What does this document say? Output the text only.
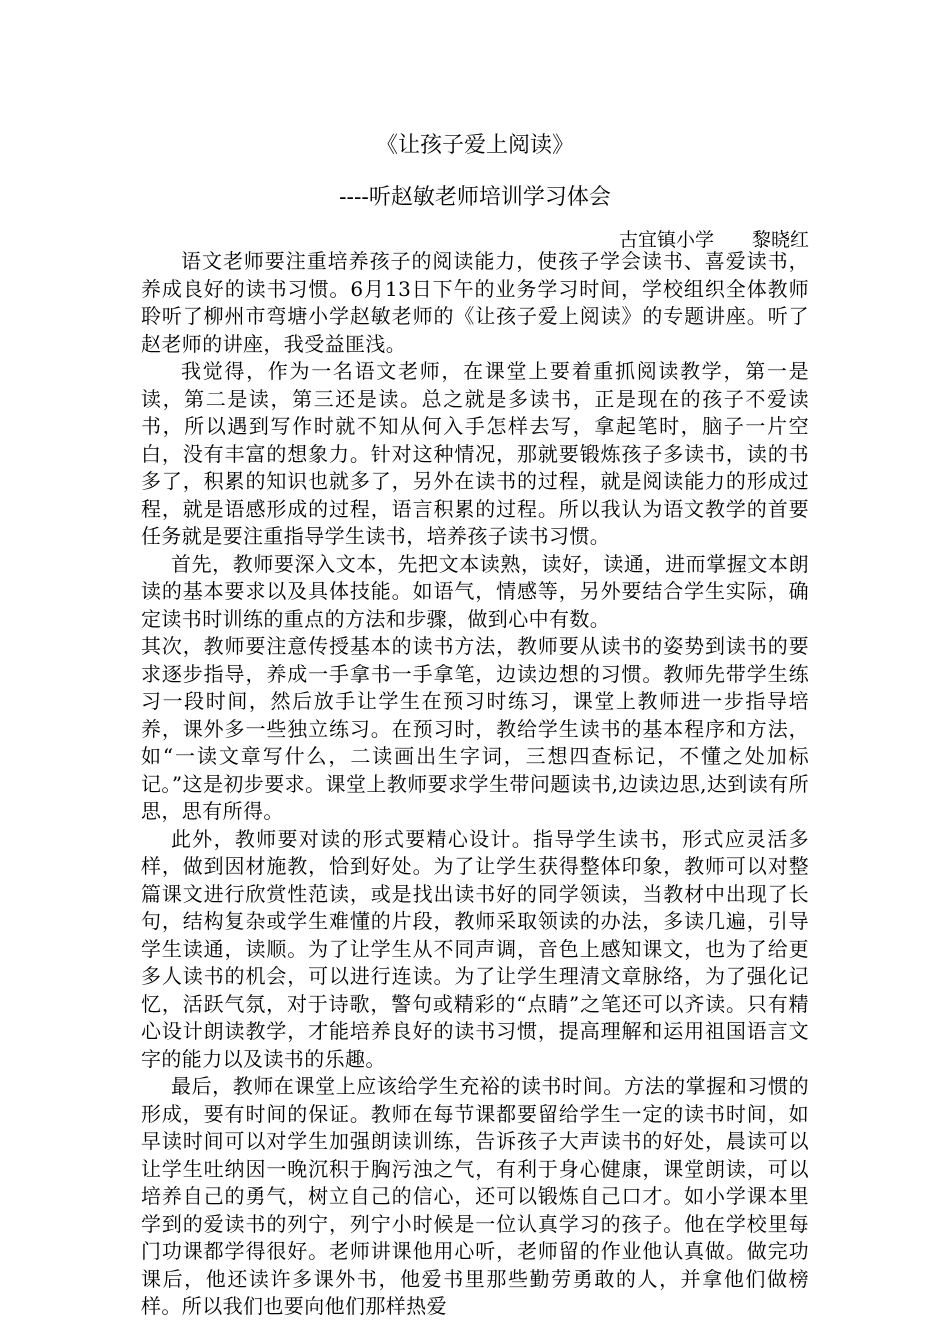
《让孩子爱上阅读》
----听赵敏老师培训学习体会
古宜镇小学 黎晓红

语文老师要注重培养孩子的阅读能力，使孩子学会读书、喜爱读书，养成良好的读书习惯。6月13日下午的业务学习时间，学校组织全体教师聆听了柳州市弯塘小学赵敏老师的《让孩子爱上阅读》的专题讲座。听了赵老师的讲座，我受益匪浅。

我觉得，作为一名语文老师，在课堂上要着重抓阅读教学，第一是读，第二是读，第三还是读。总之就是多读书，正是现在的孩子不爱读书，所以遇到写作时就不知从何入手怎样去写，拿起笔时，脑子一片空白，没有丰富的想象力。针对这种情况，那就要锻炼孩子多读书，读的书多了，积累的知识也就多了，另外在读书的过程，就是阅读能力的形成过程，就是语感形成的过程，语言积累的过程。所以我认为语文教学的首要任务就是要注重指导学生读书，培养孩子读书习惯。

首先，教师要深入文本，先把文本读熟，读好，读通，进而掌握文本朗读的基本要求以及具体技能。如语气，情感等，另外要结合学生实际，确定读书时训练的重点的方法和步骤，做到心中有数。

其次，教师要注意传授基本的读书方法，教师要从读书的姿势到读书的要求逐步指导，养成一手拿书一手拿笔，边读边想的习惯。教师先带学生练习一段时间，然后放手让学生在预习时练习，课堂上教师进一步指导培养，课外多一些独立练习。在预习时，教给学生读书的基本程序和方法，如“一读文章写什么，二读画出生字词，三想四查标记，不懂之处加标记。”这是初步要求。课堂上教师要求学生带问题读书,边读边思,达到读有所思，思有所得。

此外，教师要对读的形式要精心设计。指导学生读书，形式应灵活多样，做到因材施教，恰到好处。为了让学生获得整体印象，教师可以对整篇课文进行欣赏性范读，或是找出读书好的同学领读，当教材中出现了长句，结构复杂或学生难懂的片段，教师采取领读的办法，多读几遍，引导学生读通，读顺。为了让学生从不同声调，音色上感知课文，也为了给更多人读书的机会，可以进行连读。为了让学生理清文章脉络，为了强化记忆，活跃气氛，对于诗歌，警句或精彩的“点睛”之笔还可以齐读。只有精心设计朗读教学，才能培养良好的读书习惯，提高理解和运用祖国语言文字的能力以及读书的乐趣。

最后，教师在课堂上应该给学生充裕的读书时间。方法的掌握和习惯的形成，要有时间的保证。教师在每节课都要留给学生一定的读书时间，如早读时间可以对学生加强朗读训练，告诉孩子大声读书的好处，晨读可以让学生吐纳因一晚沉积于胸污浊之气，有利于身心健康，课堂朗读，可以培养自己的勇气，树立自己的信心，还可以锻炼自己口才。如小学课本里学到的爱读书的列宁，列宁小时候是一位认真学习的孩子。他在学校里每门功课都学得很好。老师讲课他用心听，老师留的作业他认真做。做完功课后，他还读许多课外书，他爱书里那些勤劳勇敢的人，并拿他们做榜样。所以我们也要向他们那样热爱
